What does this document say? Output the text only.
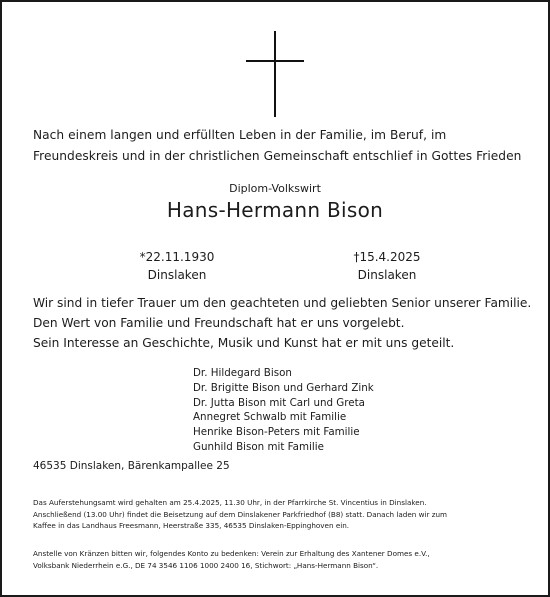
Nach einem langen und erfüllten Leben in der Familie, im Beruf, im
Freundeskreis und in der christlichen Gemeinschaft entschlief in Gottes Frieden
Diplom-Volkswirt
Hans-Hermann Bison
*22.11.1930
Dinslaken
†15.4.2025
Dinslaken
Wir sind in tiefer Trauer um den geachteten und geliebten Senior unserer Familie.
Den Wert von Familie und Freundschaft hat er uns vorgelebt.
Sein Interesse an Geschichte, Musik und Kunst hat er mit uns geteilt.
Dr. Hildegard Bison
Dr. Brigitte Bison und Gerhard Zink
Dr. Jutta Bison mit Carl und Greta
Annegret Schwalb mit Familie
Henrike Bison-Peters mit Familie
Gunhild Bison mit Familie
46535 Dinslaken, Bärenkampallee 25
Das Auferstehungsamt wird gehalten am 25.4.2025, 11.30 Uhr, in der Pfarrkirche St. Vincentius in Dinslaken.
Anschließend (13.00 Uhr) findet die Beisetzung auf dem Dinslakener Parkfriedhof (B8) statt. Danach laden wir zum
Kaffee in das Landhaus Freesmann, Heerstraße 335, 46535 Dinslaken-Eppinghoven ein.
Anstelle von Kränzen bitten wir, folgendes Konto zu bedenken: Verein zur Erhaltung des Xantener Domes e.V.,
Volksbank Niederrhein e.G., DE 74 3546 1106 1000 2400 16, Stichwort: „Hans-Hermann Bison“.
